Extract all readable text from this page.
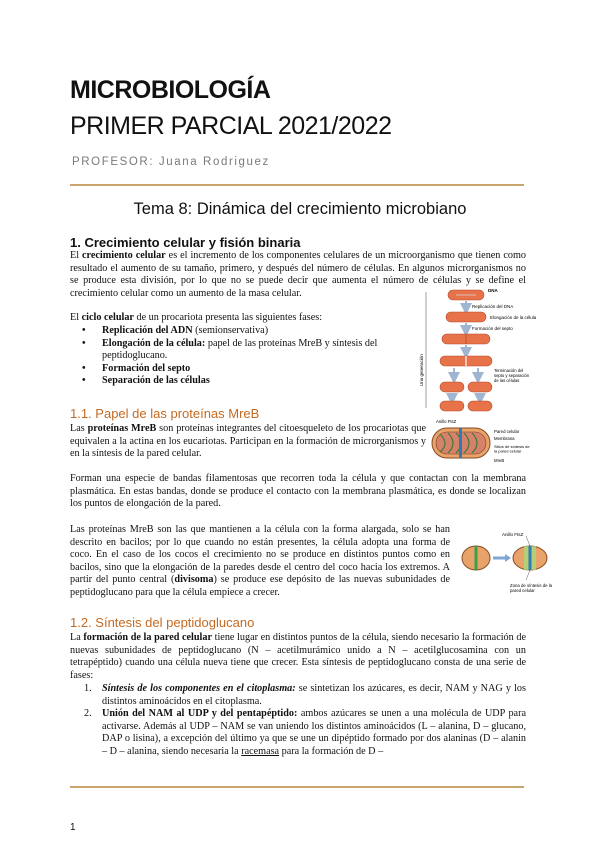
MICROBIOLOGÍA
PRIMER PARCIAL 2021/2022
PROFESOR: Juana Rodriguez
Tema 8: Dinámica del crecimiento microbiano
1. Crecimiento celular y fisión binaria
El crecimiento celular es el incremento de los componentes celulares de un microorganismo que tienen como resultado el aumento de su tamaño, primero, y después del número de células. En algunos microrganismos no se produce esta división, por lo que no se puede decir que aumenta el número de células y se define el crecimiento celular como un aumento de la masa celular.
El ciclo celular de un procariota presenta las siguientes fases:
• Replicación del ADN (semionservativa)
• Elongación de la célula: papel de las proteínas MreB y síntesis del peptidoglucano.
• Formación del septo
• Separación de las células	Una generación
DNA
Replicación del DNA
Elongación de la célula
Formación del septo
Terminación del septo y separación de las células
1.1. Papel de las proteínas MreB
Las proteínas MreB son proteínas integrantes del citoesqueleto de los procariotas que equivalen a la actina en los eucariotas. Participan en la formación de microrganismos y en la síntesis de la pared celular.
Anillo FtsZ
Pared celular
Membrana
Sitios de síntesis de la pared celular
MreB
Forman una especie de bandas filamentosas que recorren toda la célula y que contactan con la membrana plasmática. En estas bandas, donde se produce el contacto con la membrana plasmática, es donde se localizan los puntos de elongación de la pared.
Las proteínas MreB son las que mantienen a la célula con la forma alargada, solo se han descrito en bacilos; por lo que cuando no están presentes, la célula adopta una forma de coco. En el caso de los cocos el crecimiento no se produce en distintos puntos como en bacilos, sino que la elongación de la paredes desde el centro del coco hacia los extremos. A partir del punto central (divisoma) se produce ese depósito de las nuevas subunidades de peptidoglucano para que la célula empiece a crecer.
Anillo FtsZ
Zona de síntesis de la pared celular
1.2. Síntesis del peptidoglucano
La formación de la pared celular tiene lugar en distintos puntos de la célula, siendo necesario la formación de nuevas subunidades de peptidoglucano (N – acetilmurámico unido a N – acetilglucosamina con un tetrapéptido) cuando una célula nueva tiene que crecer. Esta síntesis de peptidoglucano consta de una serie de fases:
1. Síntesis de los componentes en el citoplasma: se sintetizan los azúcares, es decir, NAM y NAG y los distintos aminoácidos en el citoplasma.
2. Unión del NAM al UDP y del pentapéptido: ambos azúcares se unen a una molécula de UDP para activarse. Además al UDP – NAM se van uniendo los distintos aminoácidos (L – alanina, D – glucano, DAP o lisina), a excepción del último ya que se une un dipéptido formado por dos alaninas (D – alanin – D – alanina, siendo necesaria la racemasa para la formación de D –
1
